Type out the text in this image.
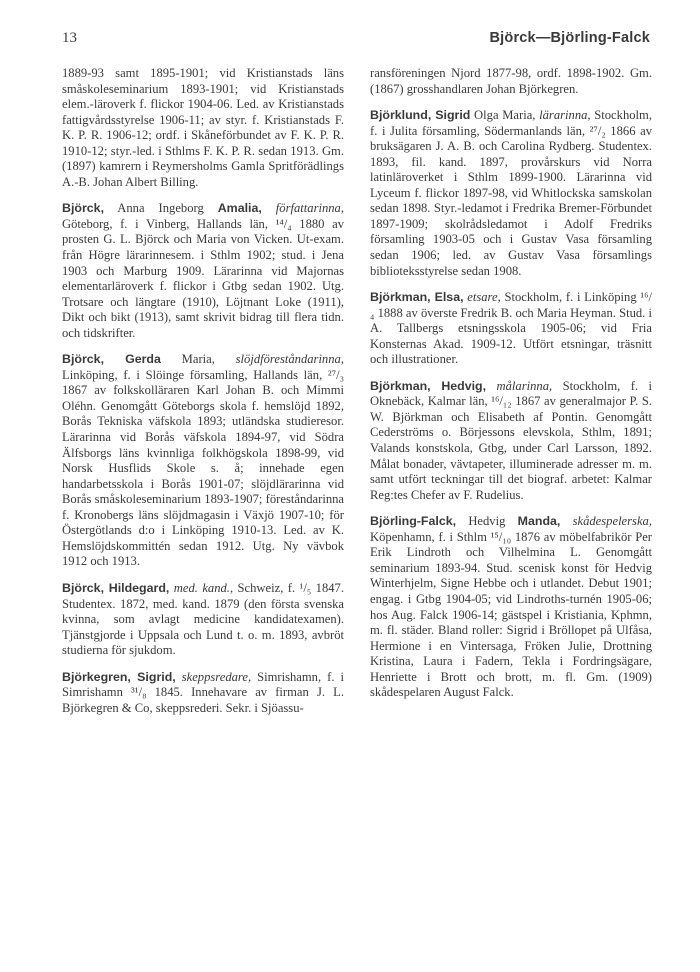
13	Björck—Björling-Falck

1889-93 samt 1895-1901; vid Kristianstads läns småskoleseminarium 1893-1901; vid Kristianstads elem.-läroverk f. flickor 1904-06. Led. av Kristianstads fattigvårdsstyrelse 1906-11; av styr. f. Kristianstads F. K. P. R. 1906-12; ordf. i Skåneförbundet av F. K. P. R. 1910-12; styr.-led. i Sthlms F. K. P. R. sedan 1913. Gm. (1897) kamrern i Reymersholms Gamla Spritförädlings A.-B. Johan Albert Billing.

Björck, Anna Ingeborg Amalia, författarinna, Göteborg, f. i Vinberg, Hallands län, ¹⁴/₄ 1880 av prosten G. L. Björck och Maria von Vicken. Ut-exam. från Högre lärarinnesem. i Sthlm 1902; stud. i Jena 1903 och Marburg 1909. Lärarinna vid Majornas elementarläroverk f. flickor i Gtbg sedan 1902. Utg. Trotsare och längtare (1910), Löjtnant Loke (1911), Dikt och bikt (1913), samt skrivit bidrag till flera tidn. och tidskrifter.

Björck, Gerda Maria, slöjdföreståndarinna, Linköping, f. i Slöinge församling, Hallands län, ²⁷/₃ 1867 av folkskolläraren Karl Johan B. och Mimmi Oléhn. Genomgått Göteborgs skola f. hemslöjd 1892, Borås Tekniska väfskola 1893; utländska studieresor. Lärarinna vid Borås väfskola 1894-97, vid Södra Älfsborgs läns kvinnliga folkhögskola 1898-99, vid Norsk Husflids Skole s. å; innehade egen handarbetsskola i Borås 1901-07; slöjdlärarinna vid Borås småskoleseminarium 1893-1907; föreståndarinna f. Kronobergs läns slöjdmagasin i Växjö 1907-10; för Östergötlands d:o i Linköping 1910-13. Led. av K. Hemslöjdskommittén sedan 1912. Utg. Ny vävbok 1912 och 1913.

Björck, Hildegard, med. kand., Schweiz, f. ¹/₅ 1847. Studentex. 1872, med. kand. 1879 (den första svenska kvinna, som avlagt medicine kandidatexamen). Tjänstgjorde i Uppsala och Lund t. o. m. 1893, avbröt studierna för sjukdom.

Björkegren, Sigrid, skeppsredare, Simrishamn, f. i Simrishamn ³¹/₈ 1845. Innehavare av firman J. L. Björkegren & Co, skeppsrederi. Sekr. i Sjöassu-

ransföreningen Njord 1877-98, ordf. 1898-1902. Gm. (1867) grosshandlaren Johan Björkegren.

Björklund, Sigrid Olga Maria, lärarinna, Stockholm, f. i Julita församling, Södermanlands län, ²⁷/₂ 1866 av bruksägaren J. A. B. och Carolina Rydberg. Studentex. 1893, fil. kand. 1897, provårskurs vid Norra latinläroverket i Sthlm 1899-1900. Lärarinna vid Lyceum f. flickor 1897-98, vid Whitlockska samskolan sedan 1898. Styr.-ledamot i Fredrika Bremer-Förbundet 1897-1909; skolrådsledamot i Adolf Fredriks församling 1903-05 och i Gustav Vasa församling sedan 1906; led. av Gustav Vasa församlings biblioteksstyrelse sedan 1908.

Björkman, Elsa, etsare, Stockholm, f. i Linköping ¹⁶/₄ 1888 av överste Fredrik B. och Maria Heyman. Stud. i A. Tallbergs etsningsskola 1905-06; vid Fria Konsternas Akad. 1909-12. Utfört etsningar, träsnitt och illustrationer.

Björkman, Hedvig, målarinna, Stockholm, f. i Oknebäck, Kalmar län, ¹⁶/₁₂ 1867 av generalmajor P. S. W. Björkman och Elisabeth af Pontin. Genomgått Cederströms o. Börjessons elevskola, Sthlm, 1891; Valands konstskola, Gtbg, under Carl Larsson, 1892. Målat bonader, vävtapeter, illuminerade adresser m. m. samt utfört teckningar till det biograf. arbetet: Kalmar Reg:tes Chefer av F. Rudelius.

Björling-Falck, Hedvig Manda, skådespelerska, Köpenhamn, f. i Sthlm ¹⁵/₁₀ 1876 av möbelfabrikör Per Erik Lindroth och Vilhelmina L. Genomgått seminarium 1893-94. Stud. scenisk konst för Hedvig Winterhjelm, Signe Hebbe och i utlandet. Debut 1901; engag. i Gtbg 1904-05; vid Lindroths-turnén 1905-06; hos Aug. Falck 1906-14; gästspel i Kristiania, Kphmn, m. fl. städer. Bland roller: Sigrid i Bröllopet på Ulfåsa, Hermione i en Vintersaga, Fröken Julie, Drottning Kristina, Laura i Fadern, Tekla i Fordringsägare, Henriette i Brott och brott, m. fl. Gm. (1909) skådespelaren August Falck.
